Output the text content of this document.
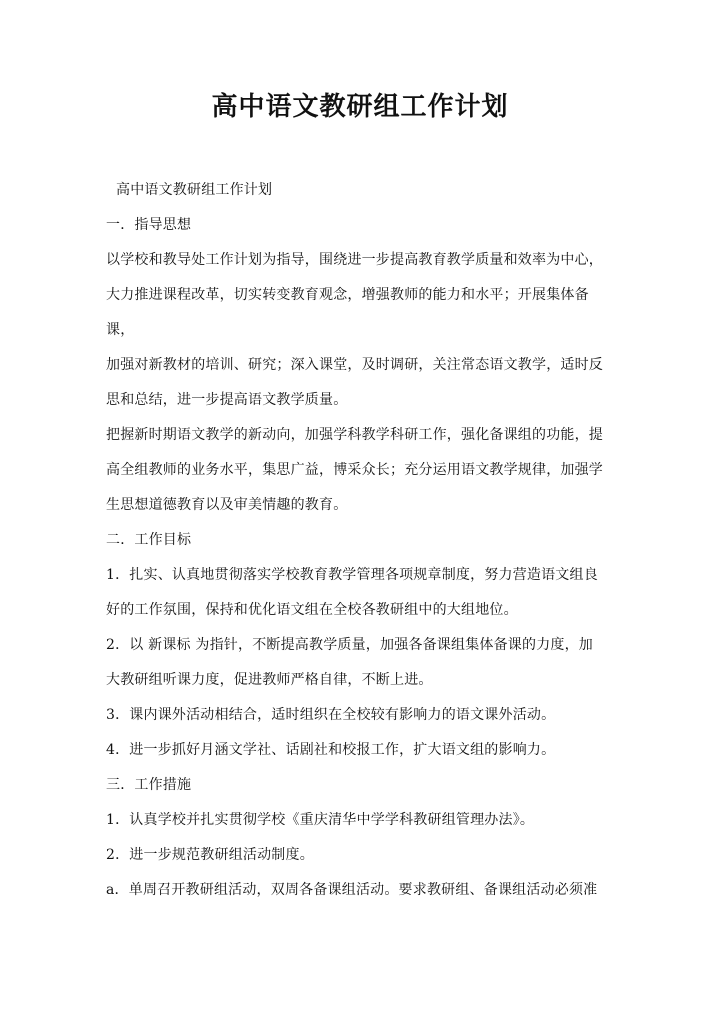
高中语文教研组工作计划

高中语文教研组工作计划

一．指导思想

以学校和教导处工作计划为指导，围绕进一步提高教育教学质量和效率为中心，
大力推进课程改革，切实转变教育观念，增强教师的能力和水平；开展集体备课，
加强对新教材的培训、研究；深入课堂，及时调研，关注常态语文教学，适时反
思和总结，进一步提高语文教学质量。

把握新时期语文教学的新动向，加强学科教学科研工作，强化备课组的功能，提
高全组教师的业务水平，集思广益，博采众长；充分运用语文教学规律，加强学
生思想道德教育以及审美情趣的教育。

二．工作目标

1．扎实、认真地贯彻落实学校教育教学管理各项规章制度，努力营造语文组良
好的工作氛围，保持和优化语文组在全校各教研组中的大组地位。

2．以 新课标 为指针，不断提高教学质量，加强各备课组集体备课的力度，加
大教研组听课力度，促进教师严格自律，不断上进。

3．课内课外活动相结合，适时组织在全校较有影响力的语文课外活动。

4．进一步抓好月涵文学社、话剧社和校报工作，扩大语文组的影响力。

三．工作措施

1．认真学校并扎实贯彻学校《重庆清华中学学科教研组管理办法》。

2．进一步规范教研组活动制度。

a．单周召开教研组活动，双周各备课组活动。要求教研组、备课组活动必须准
